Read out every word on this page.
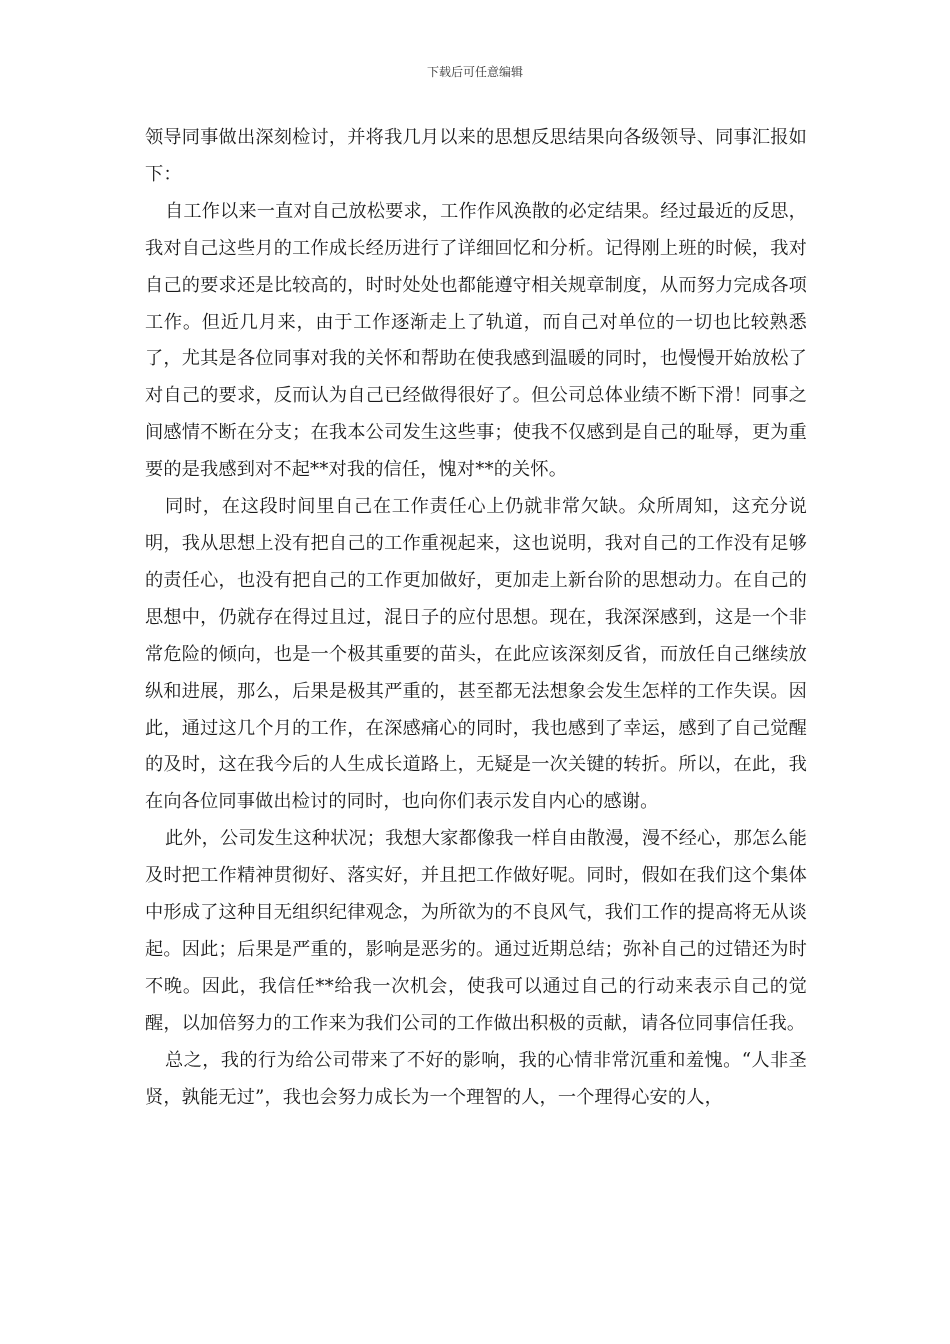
下载后可任意编辑

领导同事做出深刻检讨，并将我几月以来的思想反思结果向各级领导、同事汇报如下：

自工作以来一直对自己放松要求，工作作风涣散的必定结果。经过最近的反思，我对自己这些月的工作成长经历进行了详细回忆和分析。记得刚上班的时候，我对自己的要求还是比较高的，时时处处也都能遵守相关规章制度，从而努力完成各项工作。但近几月来，由于工作逐渐走上了轨道，而自己对单位的一切也比较熟悉了，尤其是各位同事对我的关怀和帮助在使我感到温暖的同时，也慢慢开始放松了对自己的要求，反而认为自己已经做得很好了。但公司总体业绩不断下滑！同事之间感情不断在分支；在我本公司发生这些事；使我不仅感到是自己的耻辱，更为重要的是我感到对不起**对我的信任，愧对**的关怀。

同时，在这段时间里自己在工作责任心上仍就非常欠缺。众所周知，这充分说明，我从思想上没有把自己的工作重视起来，这也说明，我对自己的工作没有足够的责任心，也没有把自己的工作更加做好，更加走上新台阶的思想动力。在自己的思想中，仍就存在得过且过，混日子的应付思想。现在，我深深感到，这是一个非常危险的倾向，也是一个极其重要的苗头，在此应该深刻反省，而放任自己继续放纵和进展，那么，后果是极其严重的，甚至都无法想象会发生怎样的工作失误。因此，通过这几个月的工作，在深感痛心的同时，我也感到了幸运，感到了自己觉醒的及时，这在我今后的人生成长道路上，无疑是一次关键的转折。所以，在此，我在向各位同事做出检讨的同时，也向你们表示发自内心的感谢。

此外，公司发生这种状况；我想大家都像我一样自由散漫，漫不经心，那怎么能及时把工作精神贯彻好、落实好，并且把工作做好呢。同时，假如在我们这个集体中形成了这种目无组织纪律观念，为所欲为的不良风气，我们工作的提高将无从谈起。因此；后果是严重的，影响是恶劣的。通过近期总结；弥补自己的过错还为时不晚。因此，我信任**给我一次机会，使我可以通过自己的行动来表示自己的觉醒，以加倍努力的工作来为我们公司的工作做出积极的贡献，请各位同事信任我。

总之，我的行为给公司带来了不好的影响，我的心情非常沉重和羞愧。“人非圣贤，孰能无过”，我也会努力成长为一个理智的人，一个理得心安的人，
